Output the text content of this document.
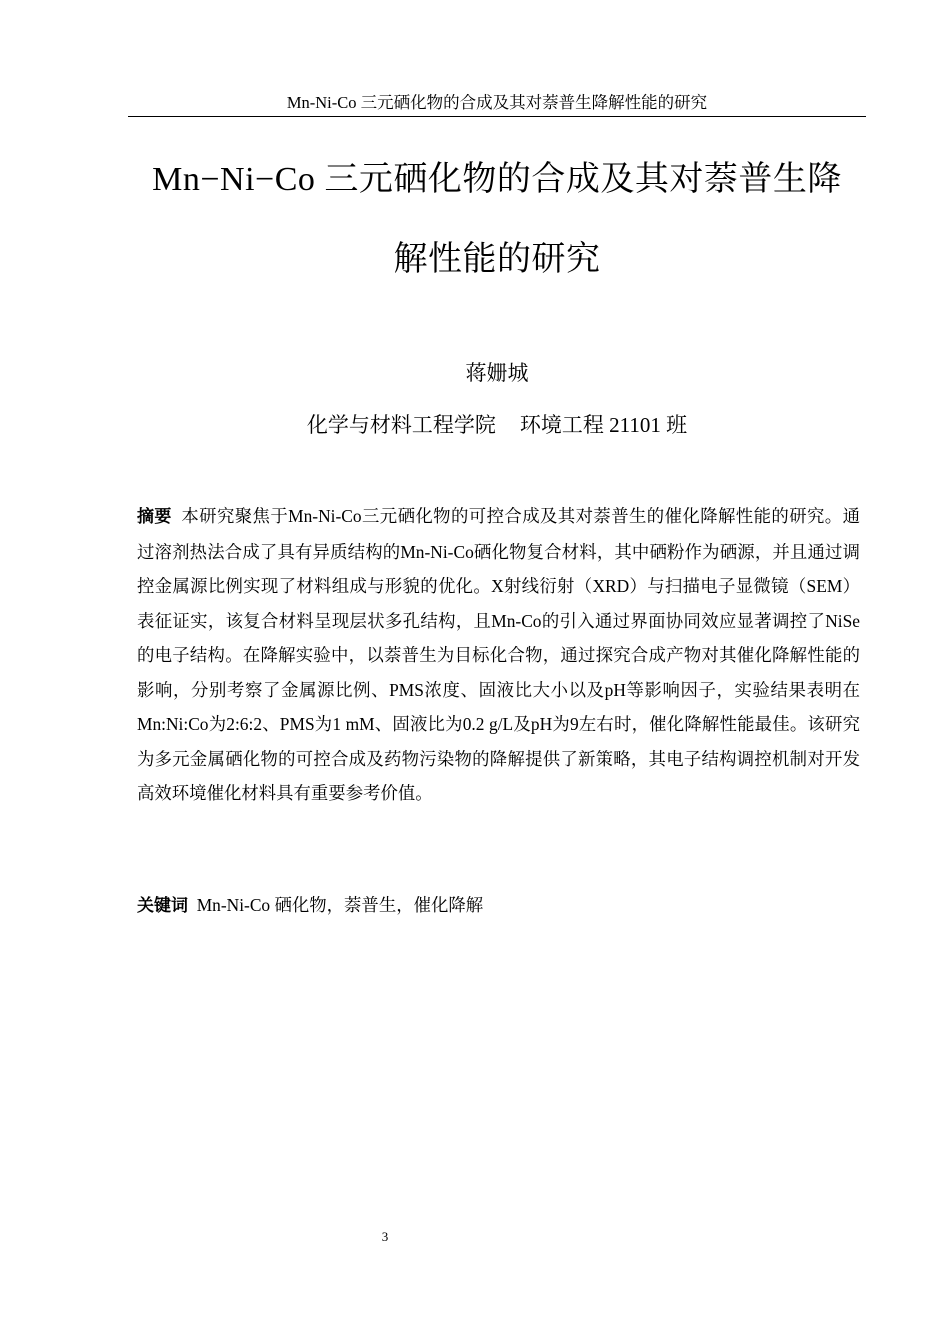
Mn-Ni-Co 三元硒化物的合成及其对萘普生降解性能的研究
Mn−Ni−Co 三元硒化物的合成及其对萘普生降
解性能的研究
蒋姗城
化学与材料工程学院 环境工程 21101 班
摘要 本研究聚焦于Mn-Ni-Co三元硒化物的可控合成及其对萘普生的催化降解性能的研究。通过溶剂热法合成了具有异质结构的Mn-Ni-Co硒化物复合材料，其中硒粉作为硒源，并且通过调控金属源比例实现了材料组成与形貌的优化。X射线衍射（XRD）与扫描电子显微镜（SEM）表征证实，该复合材料呈现层状多孔结构，且Mn-Co的引入通过界面协同效应显著调控了NiSe的电子结构。在降解实验中，以萘普生为目标化合物，通过探究合成产物对其催化降解性能的影响，分别考察了金属源比例、PMS浓度、固液比大小以及pH等影响因子，实验结果表明在Mn:Ni:Co为2:6:2、PMS为1 mM、固液比为0.2 g/L及pH为9左右时，催化降解性能最佳。该研究为多元金属硒化物的可控合成及药物污染物的降解提供了新策略，其电子结构调控机制对开发高效环境催化材料具有重要参考价值。
关键词 Mn-Ni-Co 硒化物，萘普生，催化降解
3
